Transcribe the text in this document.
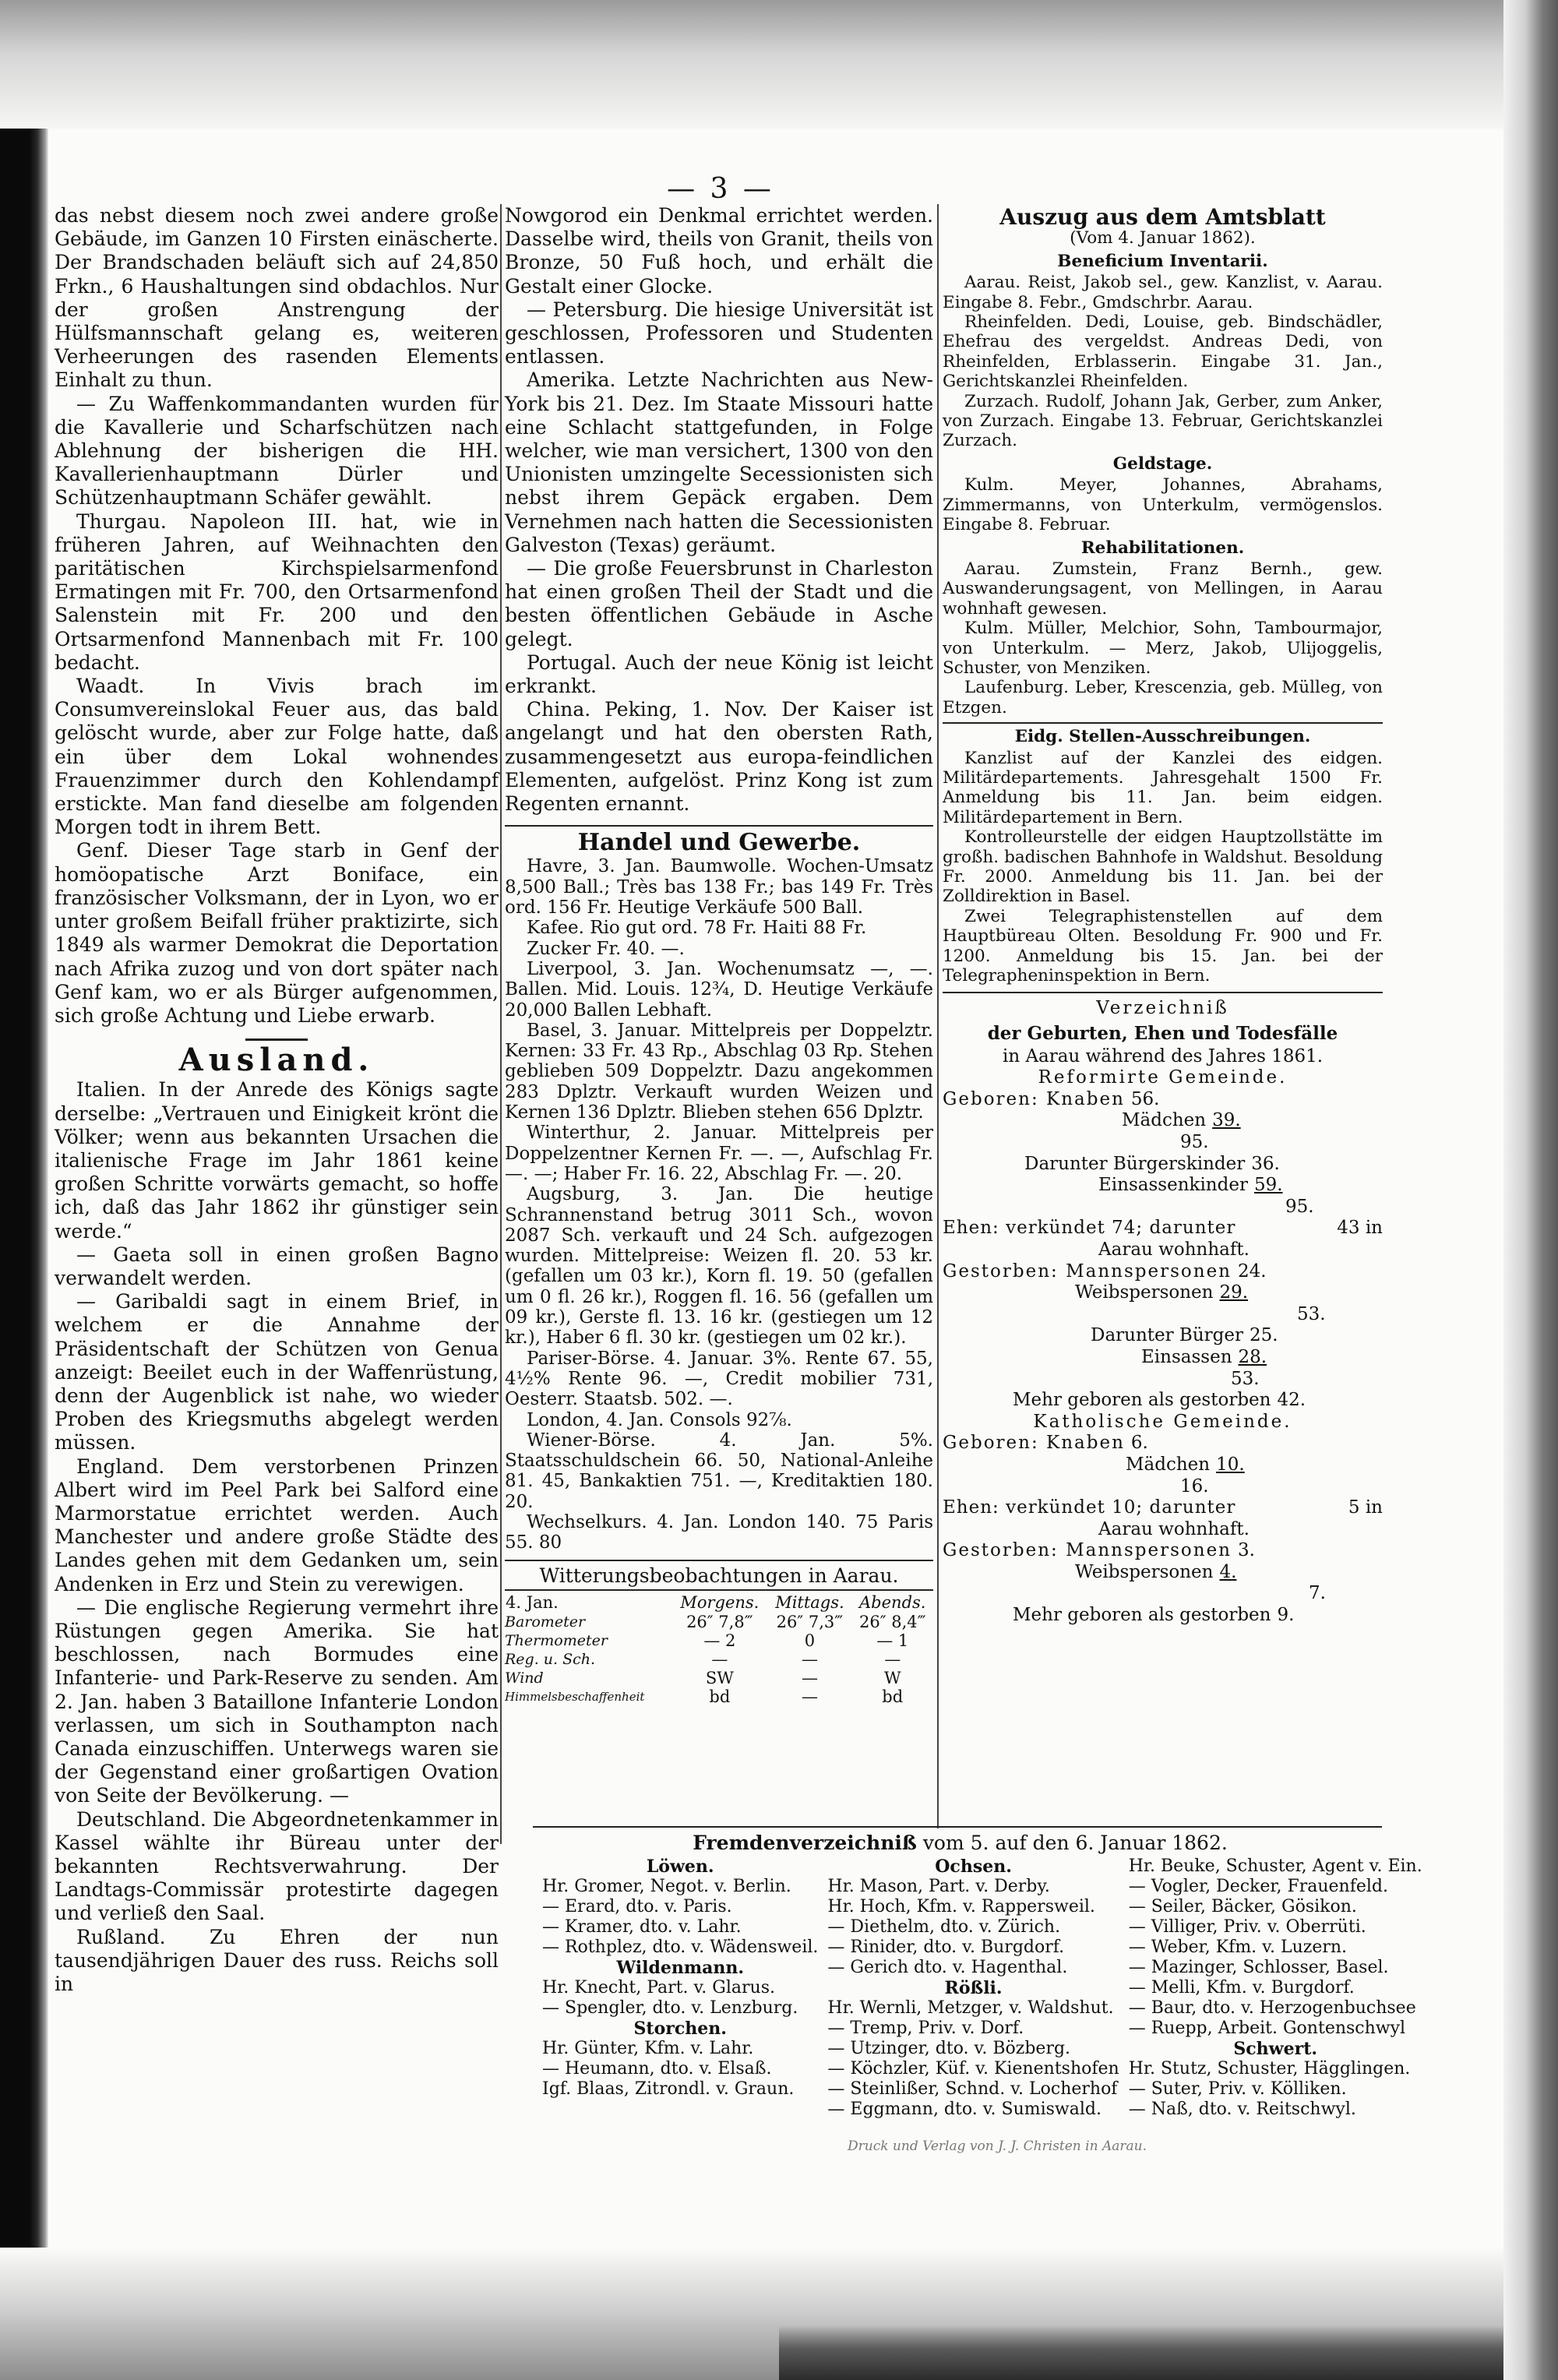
— 3 —

das nebst diesem noch zwei andere große Gebäude, im Ganzen 10 Firsten einäscherte. Der Brandschaden beläuft sich auf 24,850 Frkn., 6 Haushaltungen sind obdachlos. Nur der großen Anstrengung der Hülfsmannschaft gelang es, weiteren Verheerungen des rasenden Elements Einhalt zu thun.

— Zu Waffenkommandanten wurden für die Kavallerie und Scharfschützen nach Ablehnung der bisherigen die HH. Kavallerienhauptmann Dürler und Schützenhauptmann Schäfer gewählt.

Thurgau. Napoleon III. hat, wie in früheren Jahren, auf Weihnachten den paritätischen Kirchspielsarmenfond Ermatingen mit Fr. 700, den Ortsarmenfond Salenstein mit Fr. 200 und den Ortsarmenfond Mannenbach mit Fr. 100 bedacht.

Waadt. In Vivis brach im Consumvereinslokal Feuer aus, das bald gelöscht wurde, aber zur Folge hatte, daß ein über dem Lokal wohnendes Frauenzimmer durch den Kohlendampf erstickte. Man fand dieselbe am folgenden Morgen todt in ihrem Bett.

Genf. Dieser Tage starb in Genf der homöopatische Arzt Boniface, ein französischer Volksmann, der in Lyon, wo er unter großem Beifall früher praktizirte, sich 1849 als warmer Demokrat die Deportation nach Afrika zuzog und von dort später nach Genf kam, wo er als Bürger aufgenommen, sich große Achtung und Liebe erwarb.

Ausland.

Italien. In der Anrede des Königs sagte derselbe: „Vertrauen und Einigkeit krönt die Völker; wenn aus bekannten Ursachen die italienische Frage im Jahr 1861 keine großen Schritte vorwärts gemacht, so hoffe ich, daß das Jahr 1862 ihr günstiger sein werde.“

— Gaeta soll in einen großen Bagno verwandelt werden.

— Garibaldi sagt in einem Brief, in welchem er die Annahme der Präsidentschaft der Schützen von Genua anzeigt: Beeilet euch in der Waffenrüstung, denn der Augenblick ist nahe, wo wieder Proben des Kriegsmuths abgelegt werden müssen.

England. Dem verstorbenen Prinzen Albert wird im Peel Park bei Salford eine Marmorstatue errichtet werden. Auch Manchester und andere große Städte des Landes gehen mit dem Gedanken um, sein Andenken in Erz und Stein zu verewigen.

— Die englische Regierung vermehrt ihre Rüstungen gegen Amerika. Sie hat beschlossen, nach Bormudes eine Infanterie- und Park-Reserve zu senden. Am 2. Jan. haben 3 Bataillone Infanterie London verlassen, um sich in Southampton nach Canada einzuschiffen. Unterwegs waren sie der Gegenstand einer großartigen Ovation von Seite der Bevölkerung. —

Deutschland. Die Abgeordnetenkammer in Kassel wählte ihr Büreau unter der bekannten Rechtsverwahrung. Der Landtags-Commissär protestirte dagegen und verließ den Saal.

Rußland. Zu Ehren der nun tausendjährigen Dauer des russ. Reichs soll in

Nowgorod ein Denkmal errichtet werden. Dasselbe wird, theils von Granit, theils von Bronze, 50 Fuß hoch, und erhält die Gestalt einer Glocke.

— Petersburg. Die hiesige Universität ist geschlossen, Professoren und Studenten entlassen.

Amerika. Letzte Nachrichten aus New-York bis 21. Dez. Im Staate Missouri hatte eine Schlacht stattgefunden, in Folge welcher, wie man versichert, 1300 von den Unionisten umzingelte Secessionisten sich nebst ihrem Gepäck ergaben. Dem Vernehmen nach hatten die Secessionisten Galveston (Texas) geräumt.

— Die große Feuersbrunst in Charleston hat einen großen Theil der Stadt und die besten öffentlichen Gebäude in Asche gelegt.

Portugal. Auch der neue König ist leicht erkrankt.

China. Peking, 1. Nov. Der Kaiser ist angelangt und hat den obersten Rath, zusammengesetzt aus europa-feindlichen Elementen, aufgelöst. Prinz Kong ist zum Regenten ernannt.

Handel und Gewerbe.

Havre, 3. Jan. Baumwolle. Wochen-Umsatz 8,500 Ball.; Très bas 138 Fr.; bas 149 Fr. Très ord. 156 Fr. Heutige Verkäufe 500 Ball.

Kafee. Rio gut ord. 78 Fr. Haiti 88 Fr.

Zucker Fr. 40. —.

Liverpool, 3. Jan. Wochenumsatz —, —. Ballen. Mid. Louis. 12¾, D. Heutige Verkäufe 20,000 Ballen Lebhaft.

Basel, 3. Januar. Mittelpreis per Doppelztr. Kernen: 33 Fr. 43 Rp., Abschlag 03 Rp. Stehen geblieben 509 Doppelztr. Dazu angekommen 283 Dplztr. Verkauft wurden Weizen und Kernen 136 Dplztr. Blieben stehen 656 Dplztr.

Winterthur, 2. Januar. Mittelpreis per Doppelzentner Kernen Fr. —. —, Aufschlag Fr. —. —; Haber Fr. 16. 22, Abschlag Fr. —. 20.

Augsburg, 3. Jan. Die heutige Schrannenstand betrug 3011 Sch., wovon 2087 Sch. verkauft und 24 Sch. aufgezogen wurden. Mittelpreise: Weizen fl. 20. 53 kr. (gefallen um 03 kr.), Korn fl. 19. 50 (gefallen um 0 fl. 26 kr.), Roggen fl. 16. 56 (gefallen um 09 kr.), Gerste fl. 13. 16 kr. (gestiegen um 12 kr.), Haber 6 fl. 30 kr. (gestiegen um 02 kr.).

Pariser-Börse. 4. Januar. 3%. Rente 67. 55, 4½% Rente 96. —, Credit mobilier 731, Oesterr. Staatsb. 502. —.

London, 4. Jan. Consols 92⅞.

Wiener-Börse. 4. Jan. 5%. Staatsschuldschein 66. 50, National-Anleihe 81. 45, Bankaktien 751. —, Kreditaktien 180. 20.

Wechselkurs. 4. Jan. London 140. 75 Paris 55. 80

Witterungsbeobachtungen in Aarau.
4. Jan.	Morgens.	Mittags.	Abends.
Barometer	26″ 7,8‴	26″ 7,3‴	26″ 8,4‴
Thermometer	— 2	0	— 1
Reg. u. Sch.	—	—	—
Wind	SW	—	W
Himmelsbeschaffenheit	bd	—	bd
Auszug aus dem Amtsblatt
(Vom 4. Januar 1862).
Beneficium Inventarii.

Aarau. Reist, Jakob sel., gew. Kanzlist, v. Aarau. Eingabe 8. Febr., Gmdschrbr. Aarau.

Rheinfelden. Dedi, Louise, geb. Bindschädler, Ehefrau des vergeldst. Andreas Dedi, von Rheinfelden, Erblasserin. Eingabe 31. Jan., Gerichtskanzlei Rheinfelden.

Zurzach. Rudolf, Johann Jak, Gerber, zum Anker, von Zurzach. Eingabe 13. Februar, Gerichtskanzlei Zurzach.

Geldstage.

Kulm. Meyer, Johannes, Abrahams, Zimmermanns, von Unterkulm, vermögenslos. Eingabe 8. Februar.

Rehabilitationen.

Aarau. Zumstein, Franz Bernh., gew. Auswanderungsagent, von Mellingen, in Aarau wohnhaft gewesen.

Kulm. Müller, Melchior, Sohn, Tambourmajor, von Unterkulm. — Merz, Jakob, Ulijoggelis, Schuster, von Menziken.

Laufenburg. Leber, Krescenzia, geb. Mülleg, von Etzgen.

Eidg. Stellen-Ausschreibungen.

Kanzlist auf der Kanzlei des eidgen. Militärdepartements. Jahresgehalt 1500 Fr. Anmeldung bis 11. Jan. beim eidgen. Militärdepartement in Bern.

Kontrolleurstelle der eidgen Hauptzollstätte im großh. badischen Bahnhofe in Waldshut. Besoldung Fr. 2000. Anmeldung bis 11. Jan. bei der Zolldirektion in Basel.

Zwei Telegraphistenstellen auf dem Hauptbüreau Olten. Besoldung Fr. 900 und Fr. 1200. Anmeldung bis 15. Jan. bei der Telegrapheninspektion in Bern.

Verzeichniß
der Geburten, Ehen und Todesfälle
in Aarau während des Jahres 1861.
Reformirte Gemeinde.
Geboren: Knaben 56.
Mädchen 39.
95.
Darunter Bürgerskinder 36.
Einsassenkinder 59.
95.
Ehen: verkündet 74; darunter	43 in
Aarau wohnhaft.
Gestorben: Mannspersonen 24.
Weibspersonen 29.
53.
Darunter Bürger 25.
Einsassen 28.
53.
Mehr geboren als gestorben 42.
Katholische Gemeinde.
Geboren: Knaben 6.
Mädchen 10.
16.
Ehen: verkündet 10; darunter	5 in
Aarau wohnhaft.
Gestorben: Mannspersonen 3.
Weibspersonen 4.
7.
Mehr geboren als gestorben 9.
Fremdenverzeichniß vom 5. auf den 6. Januar 1862.

Löwen.

Hr. Gromer, Negot. v. Berlin.

— Erard, dto. v. Paris.

— Kramer, dto. v. Lahr.

— Rothplez, dto. v. Wädensweil.

Wildenmann.

Hr. Knecht, Part. v. Glarus.

— Spengler, dto. v. Lenzburg.

Storchen.

Hr. Günter, Kfm. v. Lahr.

— Heumann, dto. v. Elsaß.

Igf. Blaas, Zitrondl. v. Graun.

Ochsen.

Hr. Mason, Part. v. Derby.

Hr. Hoch, Kfm. v. Rappersweil.

— Diethelm, dto. v. Zürich.

— Rinider, dto. v. Burgdorf.

— Gerich dto. v. Hagenthal.

Rößli.

Hr. Wernli, Metzger, v. Waldshut.

— Tremp, Priv. v. Dorf.

— Utzinger, dto. v. Bözberg.

— Köchzler, Küf. v. Kienentshofen

— Steinlißer, Schnd. v. Locherhof

— Eggmann, dto. v. Sumiswald.

Hr. Beuke, Schuster, Agent v. Ein.

— Vogler, Decker, Frauenfeld.

— Seiler, Bäcker, Gösikon.

— Villiger, Priv. v. Oberrüti.

— Weber, Kfm. v. Luzern.

— Mazinger, Schlosser, Basel.

— Melli, Kfm. v. Burgdorf.

— Baur, dto. v. Herzogenbuchsee

— Ruepp, Arbeit. Gontenschwyl

Schwert.

Hr. Stutz, Schuster, Hägglingen.

— Suter, Priv. v. Kölliken.

— Naß, dto. v. Reitschwyl.

Druck und Verlag von J. J. Christen in Aarau.
